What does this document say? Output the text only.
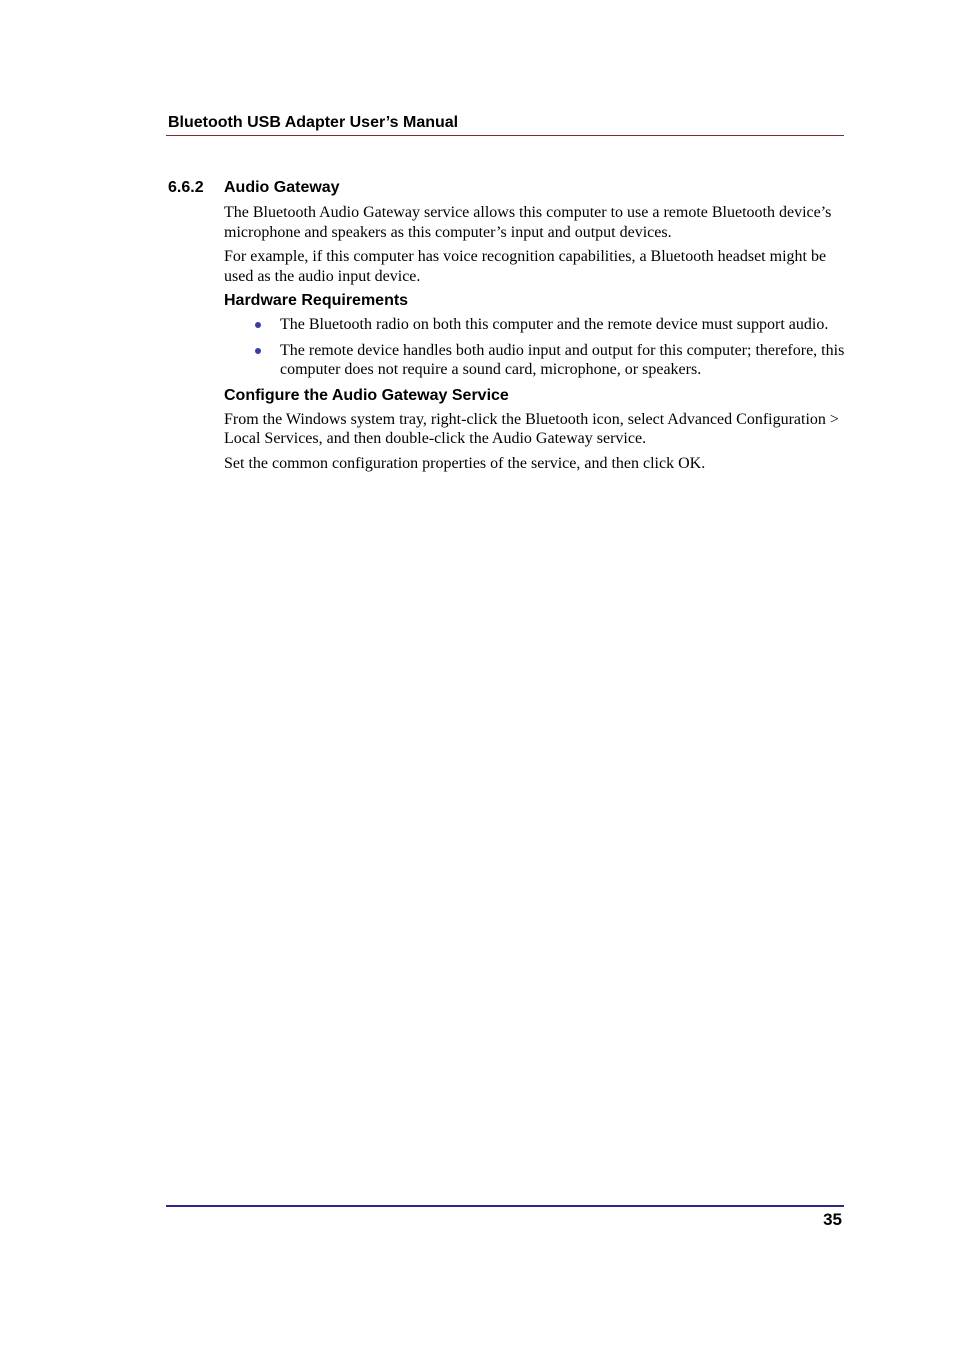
Bluetooth USB Adapter User’s Manual
6.6.2 Audio Gateway

The Bluetooth Audio Gateway service allows this computer to use a remote Bluetooth device’s microphone and speakers as this computer’s input and output devices.

For example, if this computer has voice recognition capabilities, a Bluetooth headset might be used as the audio input device.

Hardware Requirements
The Bluetooth radio on both this computer and the remote device must support audio.
The remote device handles both audio input and output for this computer; therefore, this computer does not require a sound card, microphone, or speakers.
Configure the Audio Gateway Service

From the Windows system tray, right-click the Bluetooth icon, select Advanced Configuration > Local Services, and then double-click the Audio Gateway service.

Set the common configuration properties of the service, and then click OK.

35
